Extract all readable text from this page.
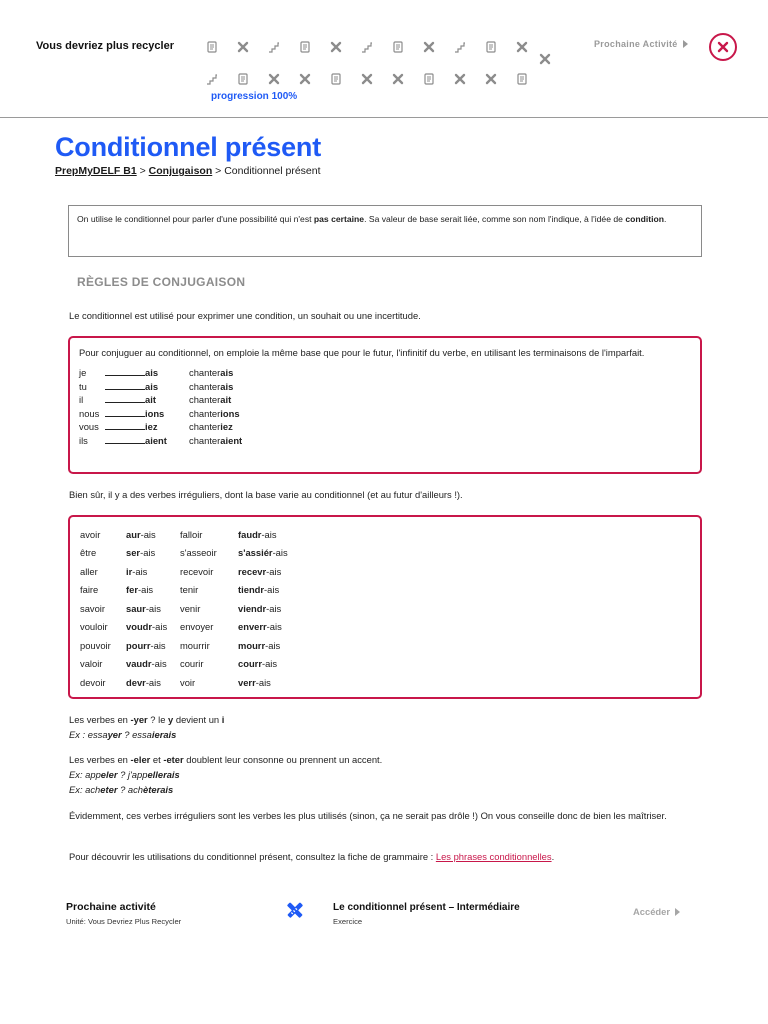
Vous devriez plus recycler
progression 100%
Prochaine Activité
Conditionnel présent
PrepMyDELF B1 > Conjugaison > Conditionnel présent
On utilise le conditionnel pour parler d'une possibilité qui n'est pas certaine. Sa valeur de base serait liée, comme son nom l'indique, à l'idée de condition.
RÈGLES DE CONJUGAISON
Le conditionnel est utilisé pour exprimer une condition, un souhait ou une incertitude.
Pour conjuguer au conditionnel, on emploie la même base que pour le futur, l'infinitif du verbe, en utilisant les terminaisons de l'imparfait.
je	ais	chanterais
tu	ais	chanterais
il	ait	chanterait
nous	ions	chanterions
vous	iez	chanteriez
ils	aient	chanteraient
Bien sûr, il y a des verbes irréguliers, dont la base varie au conditionnel (et au futur d'ailleurs !).
avoir	aur-ais	falloir	faudr-ais
être	ser-ais	s'asseoir	s'assiér-ais
aller	ir-ais	recevoir	recevr-ais
faire	fer-ais	tenir	tiendr-ais
savoir	saur-ais	venir	viendr-ais
vouloir	voudr-ais	envoyer	enverr-ais
pouvoir	pourr-ais	mourrir	mourr-ais
valoir	vaudr-ais	courir	courr-ais
devoir	devr-ais	voir	verr-ais
Les verbes en -yer ? le y devient un i
Ex : essayer ? essaierais
Les verbes en -eler et -eter doublent leur consonne ou prennent un accent.
Ex: appeler ? j'appellerais
Ex: acheter ? achèterais
Évidemment, ces verbes irréguliers sont les verbes les plus utilisés (sinon, ça ne serait pas drôle !) On vous conseille donc de bien les maîtriser.
Pour découvrir les utilisations du conditionnel présent, consultez la fiche de grammaire : Les phrases conditionnelles.
Prochaine activité
Unité: Vous Devriez Plus Recycler
Le conditionnel présent – Intermédiaire
Exercice
Accéder
